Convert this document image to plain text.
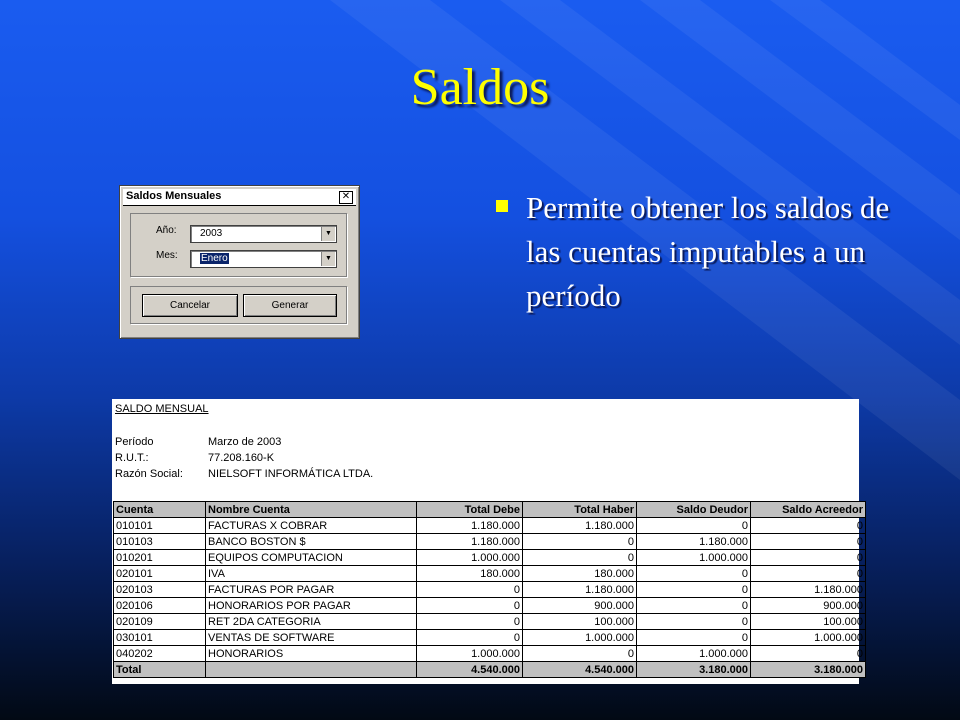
Saldos
Permite obtener los saldos de las cuentas imputables a un período
Saldos Mensuales	✕
Año: 2003	▼
Mes: Enero	▼
Cancelar	Generar
SALDO MENSUAL
Período	Marzo de 2003
R.U.T.:	77.208.160-K
Razón Social: NIELSOFT INFORMÁTICA LTDA.
Cuenta	Nombre Cuenta	Total Debe	Total Haber	Saldo Deudor	Saldo Acreedor
010101	FACTURAS X COBRAR	1.180.000	1.180.000	0	0
010103	BANCO BOSTON $	1.180.000	0	1.180.000	0
010201	EQUIPOS COMPUTACION	1.000.000	0	1.000.000	0
020101	IVA	180.000	180.000	0	0
020103	FACTURAS POR PAGAR	0	1.180.000	0	1.180.000
020106	HONORARIOS POR PAGAR	0	900.000	0	900.000
020109	RET 2DA CATEGORIA	0	100.000	0	100.000
030101	VENTAS DE SOFTWARE	0	1.000.000	0	1.000.000
040202	HONORARIOS	1.000.000	0	1.000.000	0
Total		4.540.000	4.540.000	3.180.000	3.180.000
